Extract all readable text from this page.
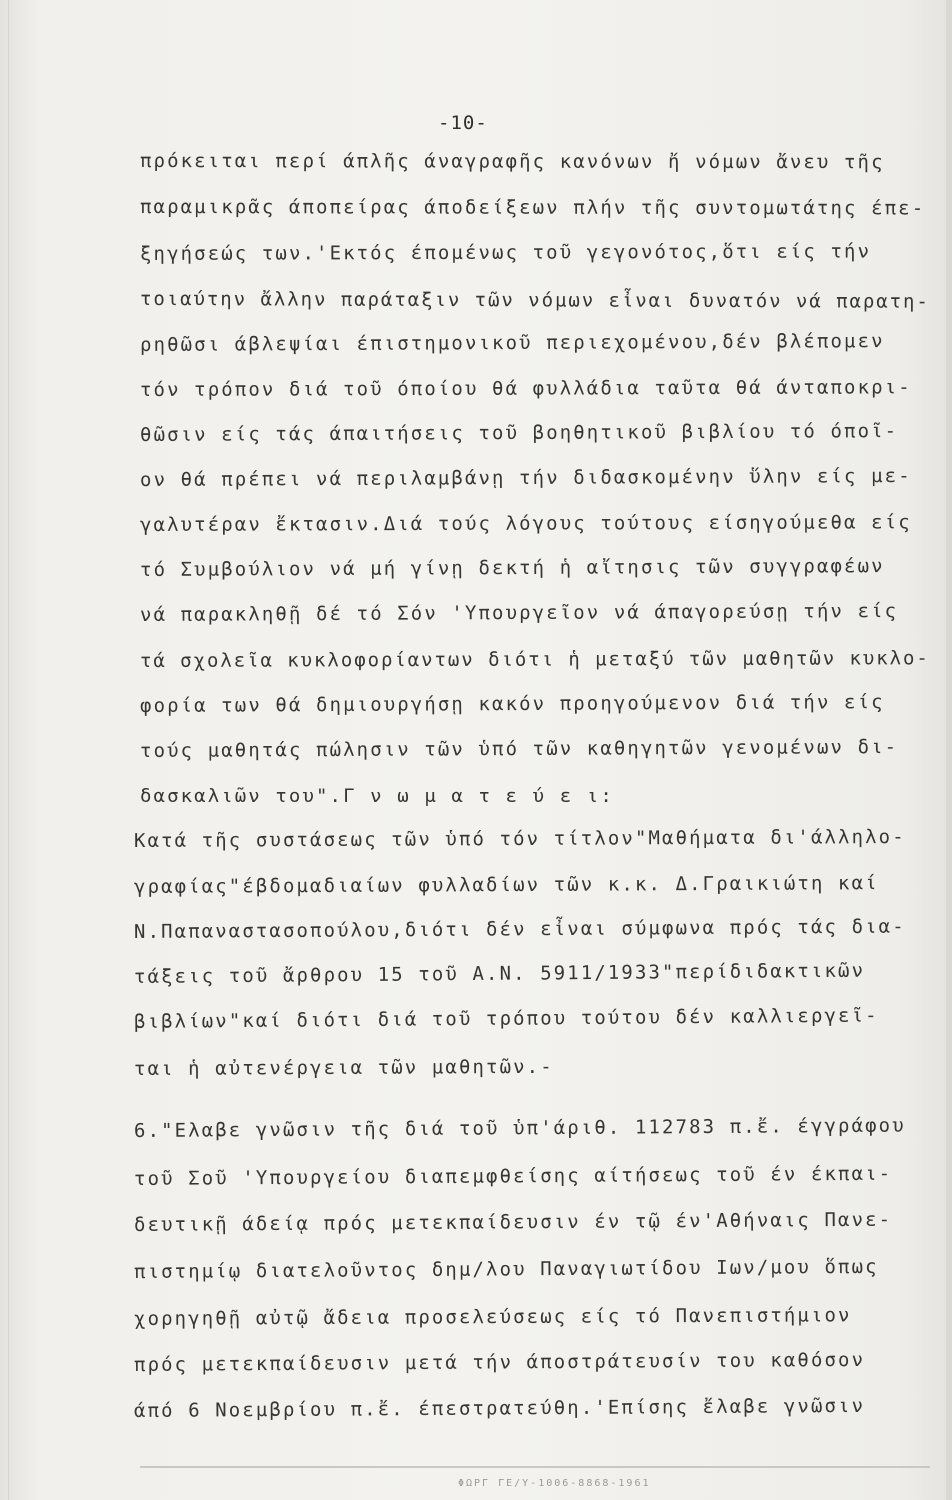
-10-
πρόκειται περί άπλῆς άναγραφῆς κανόνων ἤ νόμων ἄνευ τῆς
παραμικρᾶς άποπείρας άποδείξεων πλήν τῆς συντομωτάτης έπε-
ξηγήσεώς των.'Εκτός έπομένως τοῦ γεγονότος,ὅτι είς τήν
τοιαύτην ἄλλην παράταξιν τῶν νόμων εἶναι δυνατόν νά παρατη-
ρηθῶσι άβλεψίαι έπιστημονικοῦ περιεχομένου,δέν βλέπομεν
τόν τρόπον διά τοῦ όποίου θά φυλλάδια ταῦτα θά άνταποκρι-
θῶσιν είς τάς άπαιτήσεις τοῦ βοηθητικοῦ βιβλίου τό όποῖ-
ον θά πρέπει νά περιλαμβάνῃ τήν διδασκομένην ὕλην είς με-
γαλυτέραν ἔκτασιν.Διά τούς λόγους τούτους είσηγούμεθα είς
τό Συμβούλιον νά μή γίνῃ δεκτή ἡ αἴτησις τῶν συγγραφέων
νά παρακληθῇ δέ τό Σόν 'Υπουργεῖον νά άπαγορεύσῃ τήν είς
τά σχολεῖα κυκλοφορίαντων διότι ἡ μεταξύ τῶν μαθητῶν κυκλο-
φορία των θά δημιουργήσῃ κακόν προηγούμενον διά τήν είς
τούς μαθητάς πώλησιν τῶν ὑπό τῶν καθηγητῶν γενομένων δι-
δασκαλιῶν του".Γ ν ω μ α τ ε ύ ε ι:
Κατά τῆς συστάσεως τῶν ὑπό τόν τίτλον"Μαθήματα δι'άλληλο-
γραφίας"έβδομαδιαίων φυλλαδίων τῶν κ.κ. Δ.Γραικιώτη καί
Ν.Παπαναστασοπούλου,διότι δέν εἶναι σύμφωνα πρός τάς δια-
τάξεις τοῦ ἄρθρου 15 τοῦ Α.Ν. 5911/1933"περίδιδακτικῶν
βιβλίων"καί διότι διά τοῦ τρόπου τούτου δέν καλλιεργεῖ-
ται ἡ αὐτενέργεια τῶν μαθητῶν.-
6."Ελαβε γνῶσιν τῆς διά τοῦ ὑπ'άριθ. 112783 π.ἔ. έγγράφου
τοῦ Σοῦ 'Υπουργείου διαπεμφθείσης αίτήσεως τοῦ έν έκπαι-
δευτικῇ άδείᾳ πρός μετεκπαίδευσιν έν τῷ έν'Αθήναις Πανε-
πιστημίῳ διατελοῦντος δημ/λου Παναγιωτίδου Ιων/μου ὅπως
χορηγηθῇ αὐτῷ ἄδεια προσελεύσεως είς τό Πανεπιστήμιον
πρός μετεκπαίδευσιν μετά τήν άποστράτευσίν του καθόσον
άπό 6 Νοεμβρίου π.ἔ. έπεστρατεύθη.'Επίσης ἔλαβε γνῶσιν
ΦΩΡΓ ΓΕ/Υ-1006-8868-1961
